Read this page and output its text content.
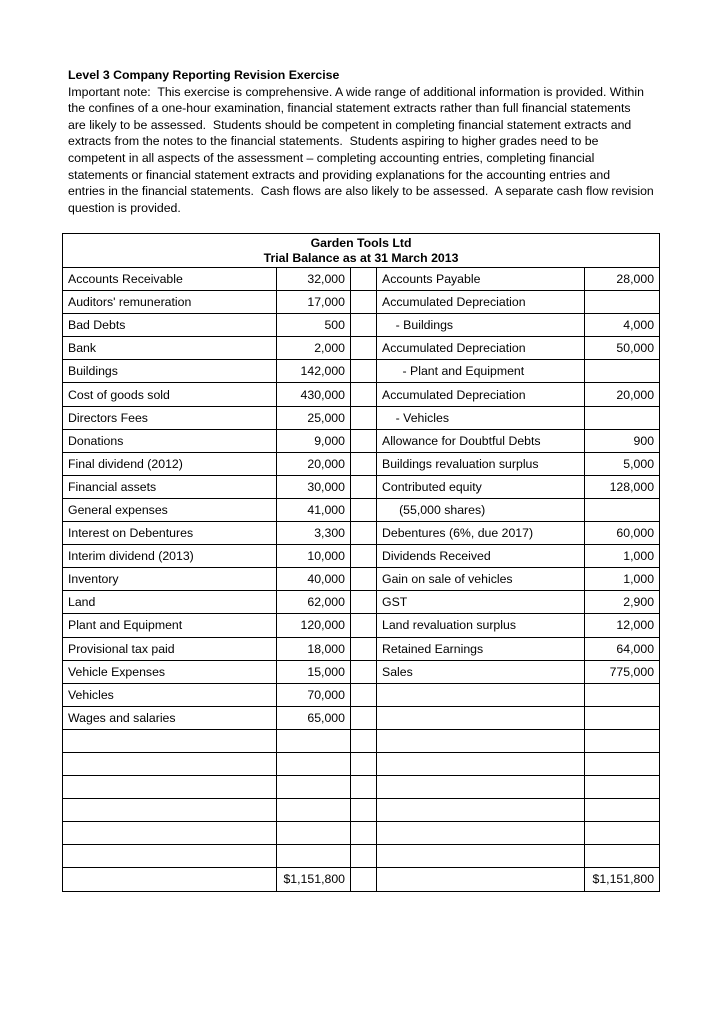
Level 3 Company Reporting Revision Exercise
Important note:  This exercise is comprehensive. A wide range of additional information is provided. Within
the confines of a one-hour examination, financial statement extracts rather than full financial statements
are likely to be assessed.  Students should be competent in completing financial statement extracts and
extracts from the notes to the financial statements.  Students aspiring to higher grades need to be
competent in all aspects of the assessment – completing accounting entries, completing financial
statements or financial statement extracts and providing explanations for the accounting entries and
entries in the financial statements.  Cash flows are also likely to be assessed.  A separate cash flow revision
question is provided.
Garden Tools Ltd
Trial Balance as at 31 March 2013				

Accounts Receivable	32,000		Accounts Payable	28,000
Auditors' remuneration	17,000		Accumulated Depreciation	
Bad Debts	500		- Buildings	4,000
Bank	2,000		Accumulated Depreciation	50,000
Buildings	142,000		- Plant and Equipment	
Cost of goods sold	430,000		Accumulated Depreciation	20,000
Directors Fees	25,000		- Vehicles	
Donations	9,000		Allowance for Doubtful Debts	900
Final dividend (2012)	20,000		Buildings revaluation surplus	5,000
Financial assets	30,000		Contributed equity	128,000
General expenses	41,000		(55,000 shares)	
Interest on Debentures	3,300		Debentures (6%, due 2017)	60,000
Interim dividend (2013)	10,000		Dividends Received	1,000
Inventory	40,000		Gain on sale of vehicles	1,000
Land	62,000		GST	2,900
Plant and Equipment	120,000		Land revaluation surplus	12,000
Provisional tax paid	18,000		Retained Earnings	64,000
Vehicle Expenses	15,000		Sales	775,000
Vehicles	70,000			
Wages and salaries	65,000			

	$1,151,800			$1,151,800
